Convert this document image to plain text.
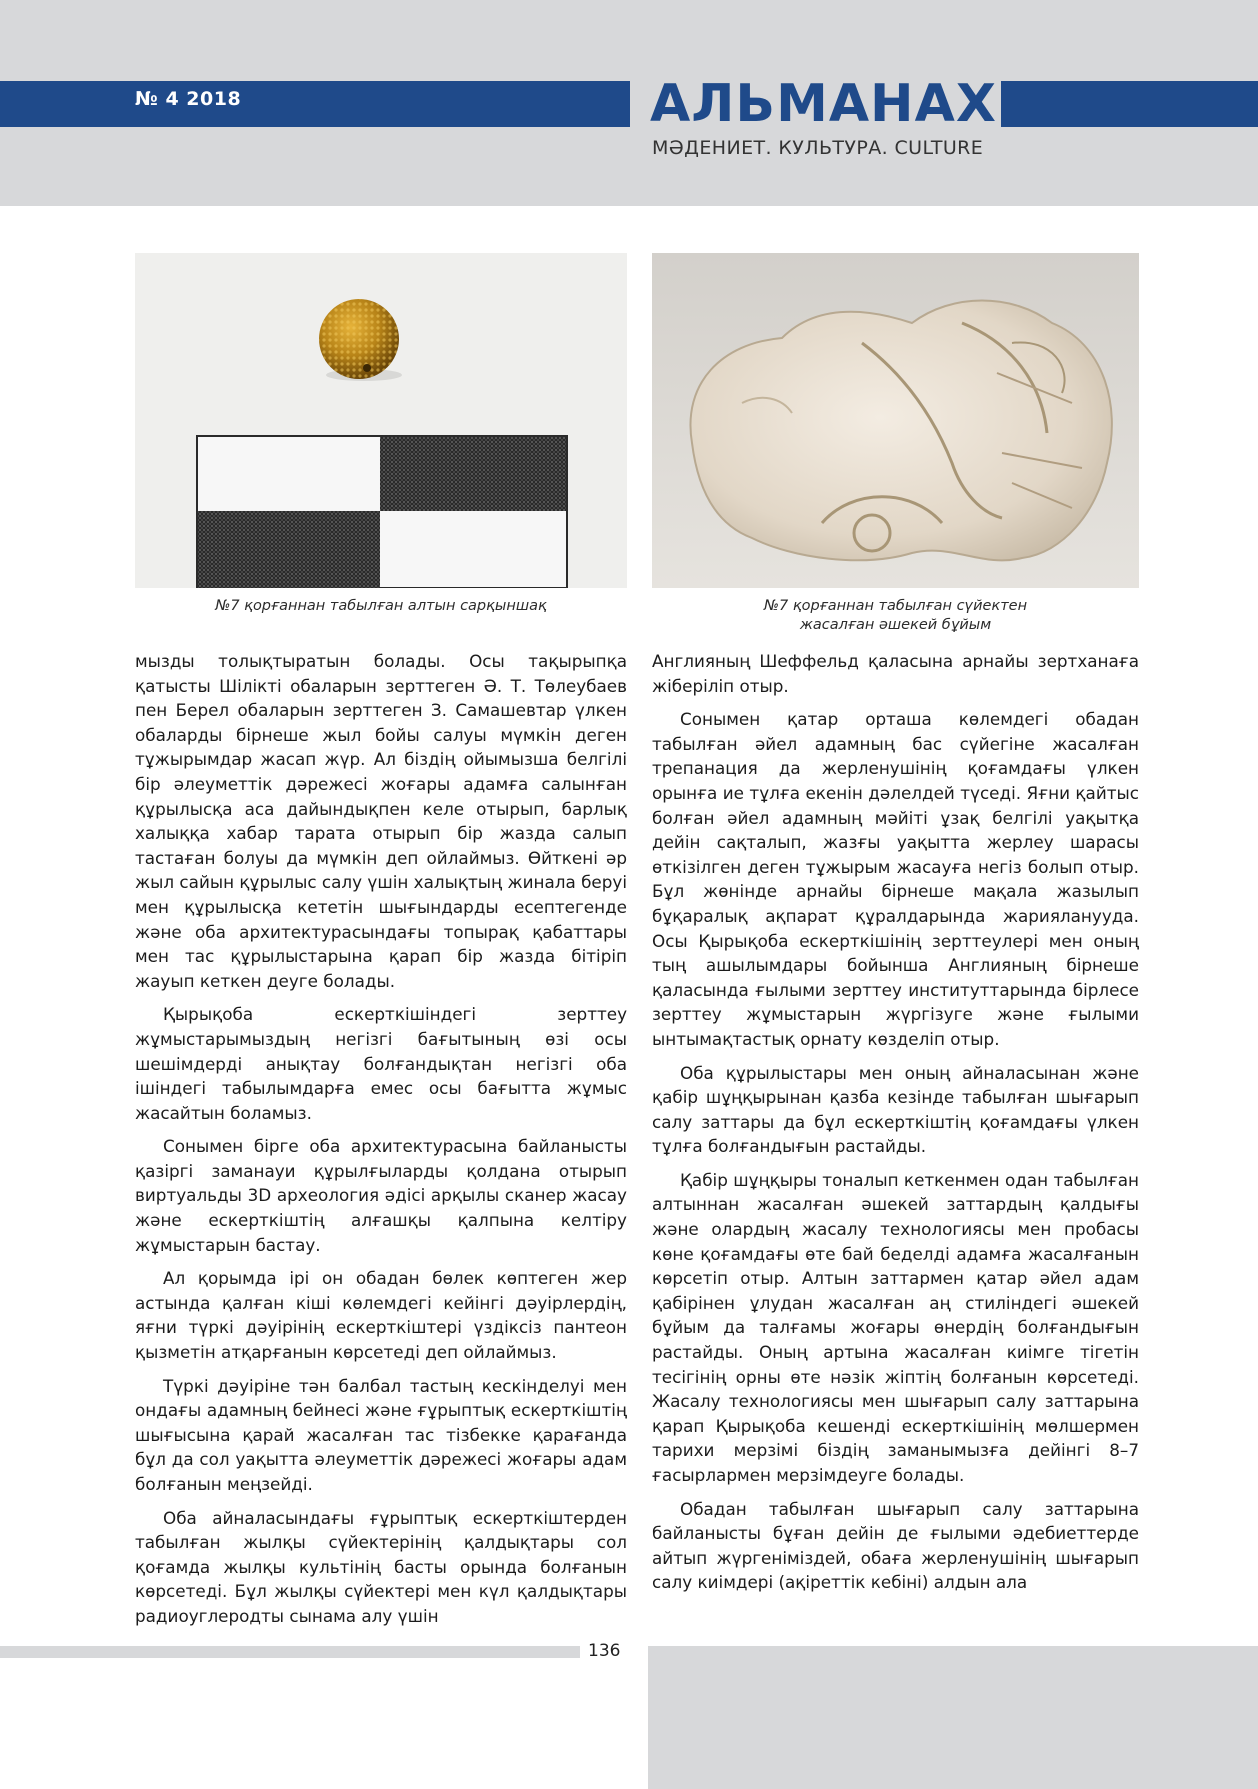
№ 4 2018	АЛЬМАНАХ
МӘДЕНИЕТ. КУЛЬТУРА. CULTURE
№7 қорғаннан табылған алтын сарқыншақ	№7 қорғаннан табылған сүйектен
жасалған әшекей бұйым

мызды толықтыратын болады. Осы тақырыпқа қатысты Шілікті обаларын зерттеген Ә. Т. Төлеубаев пен Берел обаларын зерттеген З. Самашевтар үлкен обаларды бірнеше жыл бойы салуы мүмкін деген тұжырымдар жасап жүр. Ал біздің ойымызша белгілі бір әлеуметтік дәрежесі жоғары адамға салынған құрылысқа аса дайындықпен келе отырып, барлық халыққа хабар тарата отырып бір жазда салып тастаған болуы да мүмкін деп ойлаймыз. Өйткені әр жыл сайын құрылыс салу үшін халықтың жинала беруі мен құрылысқа кететін шығындарды есептегенде және оба архитектурасындағы топырақ қабаттары мен тас құрылыстарына қарап бір жазда бітіріп жауып кеткен деуге болады.

Қырықоба ескерткішіндегі зерттеу жұмыстарымыздың негізгі бағытының өзі осы шешімдерді анықтау болғандықтан негізгі оба ішіндегі табылымдарға емес осы бағытта жұмыс жасайтын боламыз.

Сонымен бірге оба архитектурасына байланысты қазіргі заманауи құрылғыларды қолдана отырып виртуальды 3D археология әдісі арқылы сканер жасау және ескерткіштің алғашқы қалпына келтіру жұмыстарын бастау.

Ал қорымда ірі он обадан бөлек көптеген жер астында қалған кіші көлемдегі кейінгі дәуірлердің, яғни түркі дәуірінің ескерткіштері үздіксіз пантеон қызметін атқарғанын көрсетеді деп ойлаймыз.

Түркі дәуіріне тән балбал тастың кескінделуі мен ондағы адамның бейнесі және ғұрыптық ескерткіштің шығысына қарай жасалған тас тізбекке қарағанда бұл да сол уақытта әлеуметтік дәрежесі жоғары адам болғанын меңзейді.

Оба айналасындағы ғұрыптық ескерткіштерден табылған жылқы сүйектерінің қалдықтары сол қоғамда жылқы культінің басты орында болғанын көрсетеді. Бұл жылқы сүйектері мен күл қалдықтары радиоуглеродты сынама алу үшін

Англияның Шеффельд қаласына арнайы зертханаға жіберіліп отыр.

Сонымен қатар орташа көлемдегі обадан табылған әйел адамның бас сүйегіне жасалған трепанация да жерленушінің қоғамдағы үлкен орынға ие тұлға екенін дәлелдей түседі. Яғни қайтыс болған әйел адамның мәйіті ұзақ белгілі уақытқа дейін сақталып, жазғы уақытта жерлеу шарасы өткізілген деген тұжырым жасауға негіз болып отыр. Бұл жөнінде арнайы бірнеше мақала жазылып бұқаралық ақпарат құралдарында жарияланууда. Осы Қырықоба ескерткішінің зерттеулері мен оның тың ашылымдары бойынша Англияның бірнеше қаласында ғылыми зерттеу институттарында бірлесе зерттеу жұмыстарын жүргізуге және ғылыми ынтымақтастық орнату көзделіп отыр.

Оба құрылыстары мен оның айналасынан және қабір шұңқырынан қазба кезінде табылған шығарып салу заттары да бұл ескерткіштің қоғамдағы үлкен тұлға болғандығын растайды.

Қабір шұңқыры тоналып кеткенмен одан табылған алтыннан жасалған әшекей заттардың қалдығы және олардың жасалу технологиясы мен пробасы көне қоғамдағы өте бай беделді адамға жасалғанын көрсетіп отыр. Алтын заттармен қатар әйел адам қабірінен ұлудан жасалған аң стиліндегі әшекей бұйым да талғамы жоғары өнердің болғандығын растайды. Оның артына жасалған киімге тігетін тесігінің орны өте нәзік жіптің болғанын көрсетеді. Жасалу технологиясы мен шығарып салу заттарына қарап Қырықоба кешенді ескерткішінің мөлшермен тарихи мерзімі біздің заманымызға дейінгі 8–7 ғасырлармен мерзімдеуге болады.

Обадан табылған шығарып салу заттарына байланысты бұған дейін де ғылыми әдебиеттерде айтып жүргеніміздей, обаға жерленушінің шығарып салу киімдері (ақіреттік кебіні) алдын ала

136
